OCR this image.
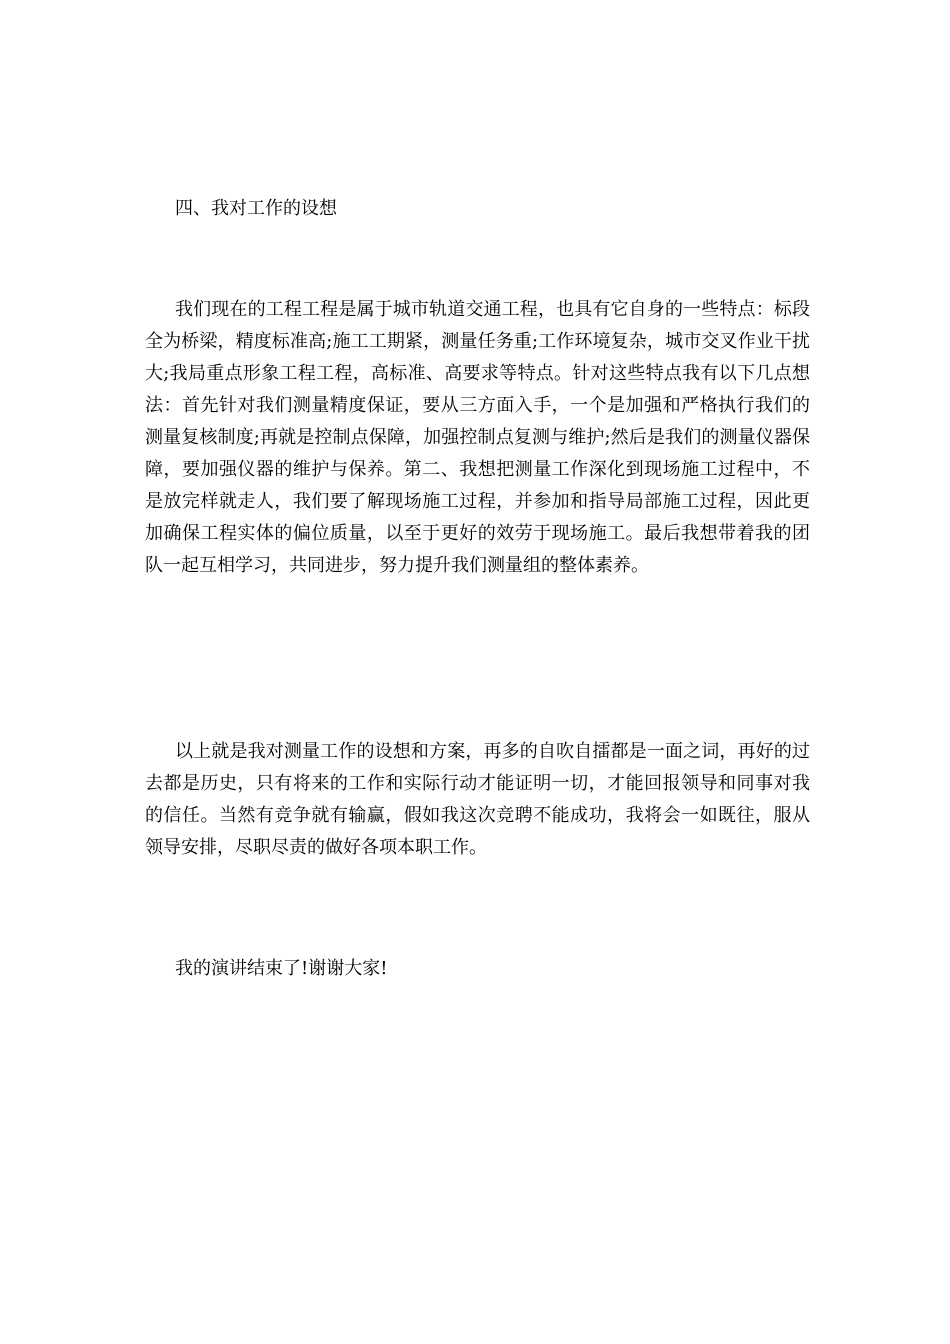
四、我对工作的设想

我们现在的工程工程是属于城市轨道交通工程，也具有它自身的一些特点：标段全为桥梁，精度标准高;施工工期紧，测量任务重;工作环境复杂，城市交叉作业干扰大;我局重点形象工程工程，高标准、高要求等特点。针对这些特点我有以下几点想法：首先针对我们测量精度保证，要从三方面入手，一个是加强和严格执行我们的测量复核制度;再就是控制点保障，加强控制点复测与维护;然后是我们的测量仪器保障，要加强仪器的维护与保养。第二、我想把测量工作深化到现场施工过程中，不是放完样就走人，我们要了解现场施工过程，并参加和指导局部施工过程，因此更加确保工程实体的偏位质量，以至于更好的效劳于现场施工。最后我想带着我的团队一起互相学习，共同进步，努力提升我们测量组的整体素养。

以上就是我对测量工作的设想和方案，再多的自吹自擂都是一面之词，再好的过去都是历史，只有将来的工作和实际行动才能证明一切，才能回报领导和同事对我的信任。当然有竞争就有输赢，假如我这次竞聘不能成功，我将会一如既往，服从领导安排，尽职尽责的做好各项本职工作。

我的演讲结束了!谢谢大家!
